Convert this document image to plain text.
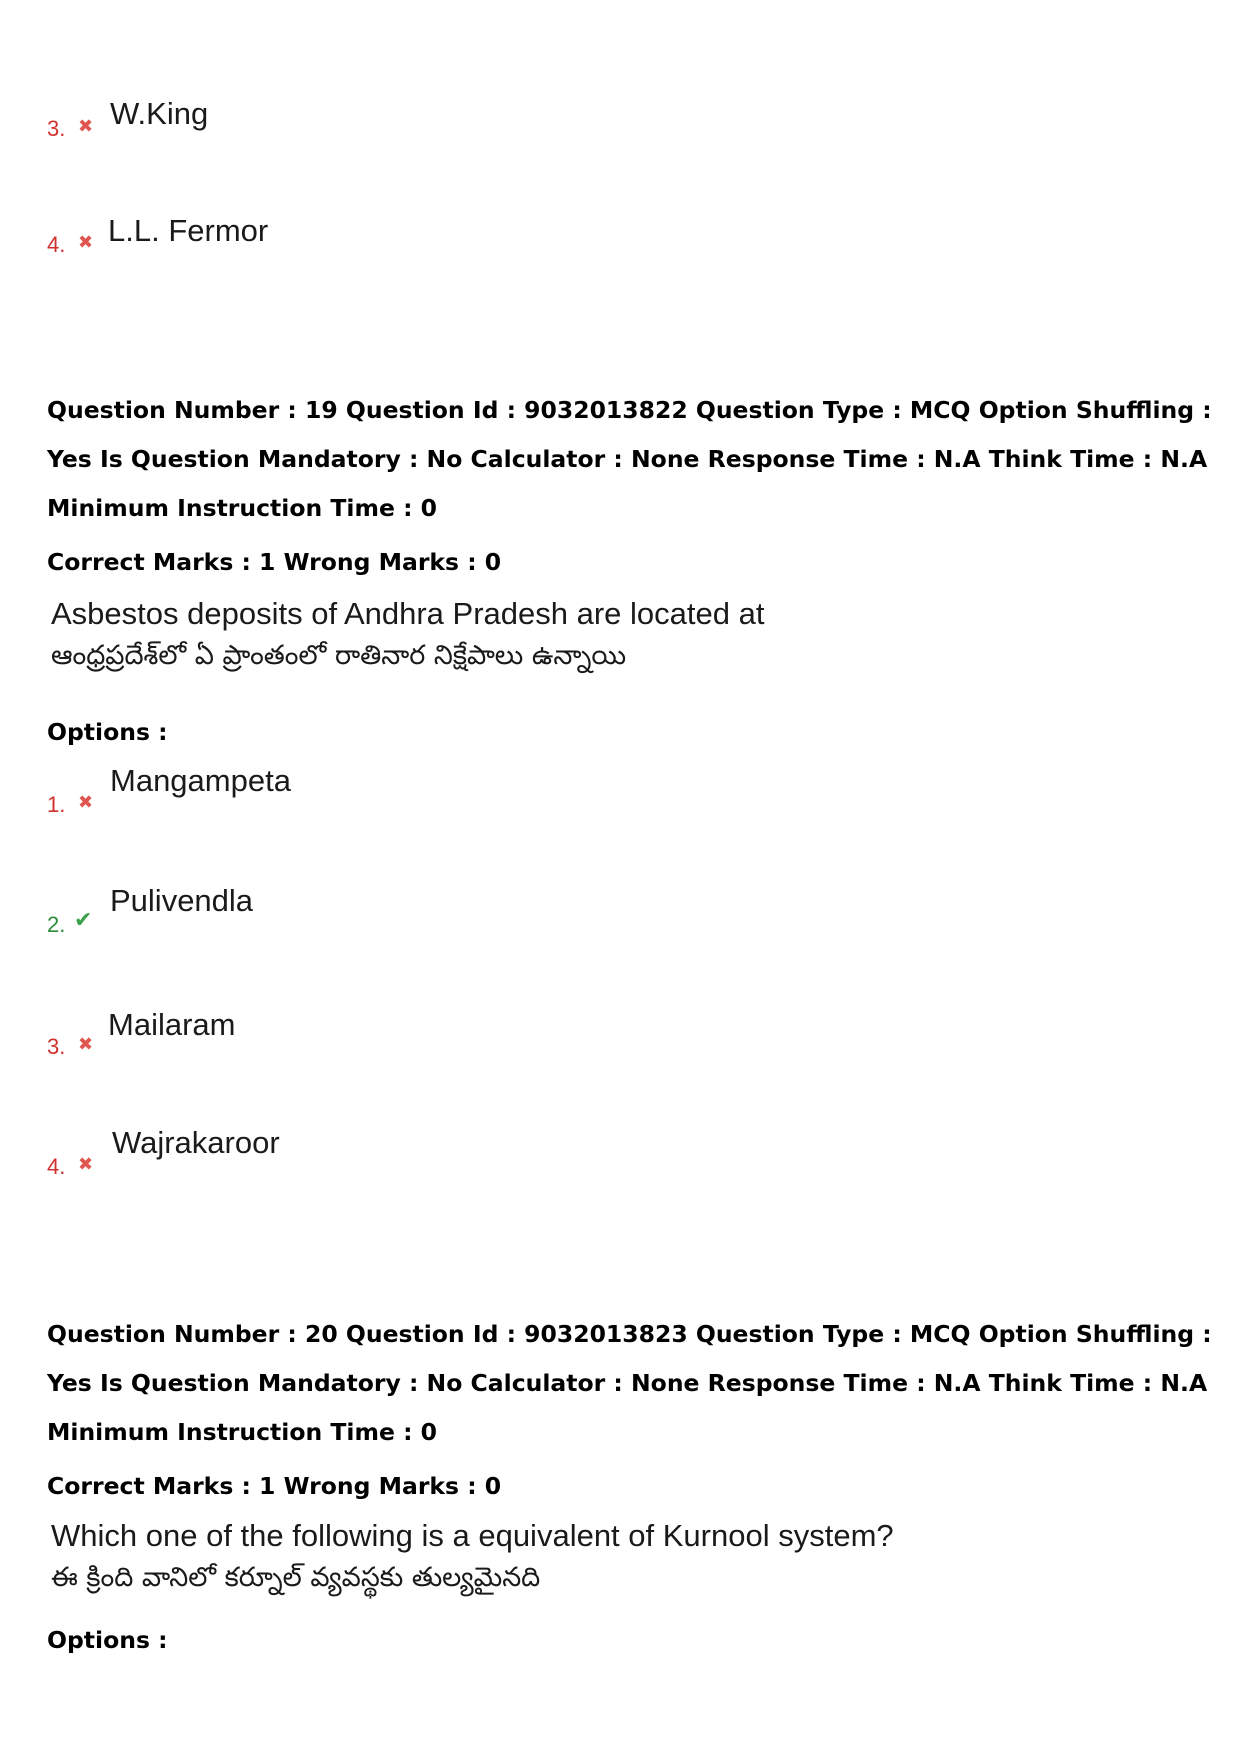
3. ✖ W.King
4. ✖ L.L. Fermor
Question Number : 19 Question Id : 9032013822 Question Type : MCQ Option Shuffling : Yes Is Question Mandatory : No Calculator : None Response Time : N.A Think Time : N.A Minimum Instruction Time : 0
Correct Marks : 1 Wrong Marks : 0
Asbestos deposits of Andhra Pradesh are located at
ఆంధ్రప్రదేశ్‌లో ఏ ప్రాంతంలో రాతినార నిక్షేపాలు ఉన్నాయి
Options :
1. ✖
Mangampeta
2. ✔
Pulivendla
3. ✖
Mailaram
4. ✖
Wajrakaroor
Question Number : 20 Question Id : 9032013823 Question Type : MCQ Option Shuffling : Yes Is Question Mandatory : No Calculator : None Response Time : N.A Think Time : N.A Minimum Instruction Time : 0
Correct Marks : 1 Wrong Marks : 0
Which one of the following is a equivalent of Kurnool system?
ఈ క్రింది వానిలో కర్నూల్ వ్యవస్థకు తుల్యమైనది
Options :
